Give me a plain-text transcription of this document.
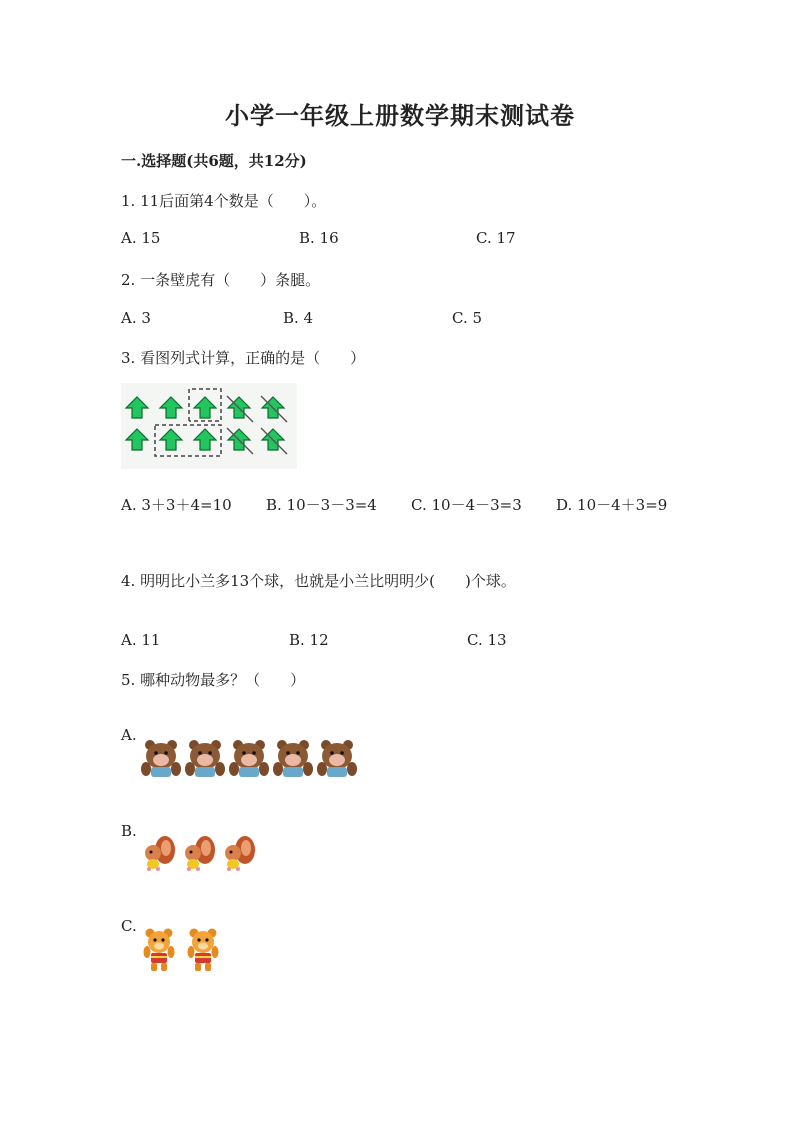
小学一年级上册数学期末测试卷
一.选择题(共6题，共12分)
1. 11后面第4个数是（　　）。
A. 15	B. 16	C. 17
2. 一条壁虎有（　　）条腿。
A. 3	B. 4	C. 5
3. 看图列式计算，正确的是（　　）
A. 3＋3＋4=10 B. 10－3－3=4 C. 10－4－3=3 D. 10－4＋3=9
4. 明明比小兰多13个球，也就是小兰比明明少(　　)个球。
A. 11	B. 12	C. 13
5. 哪种动物最多？（　　）
A.
B.
C.
